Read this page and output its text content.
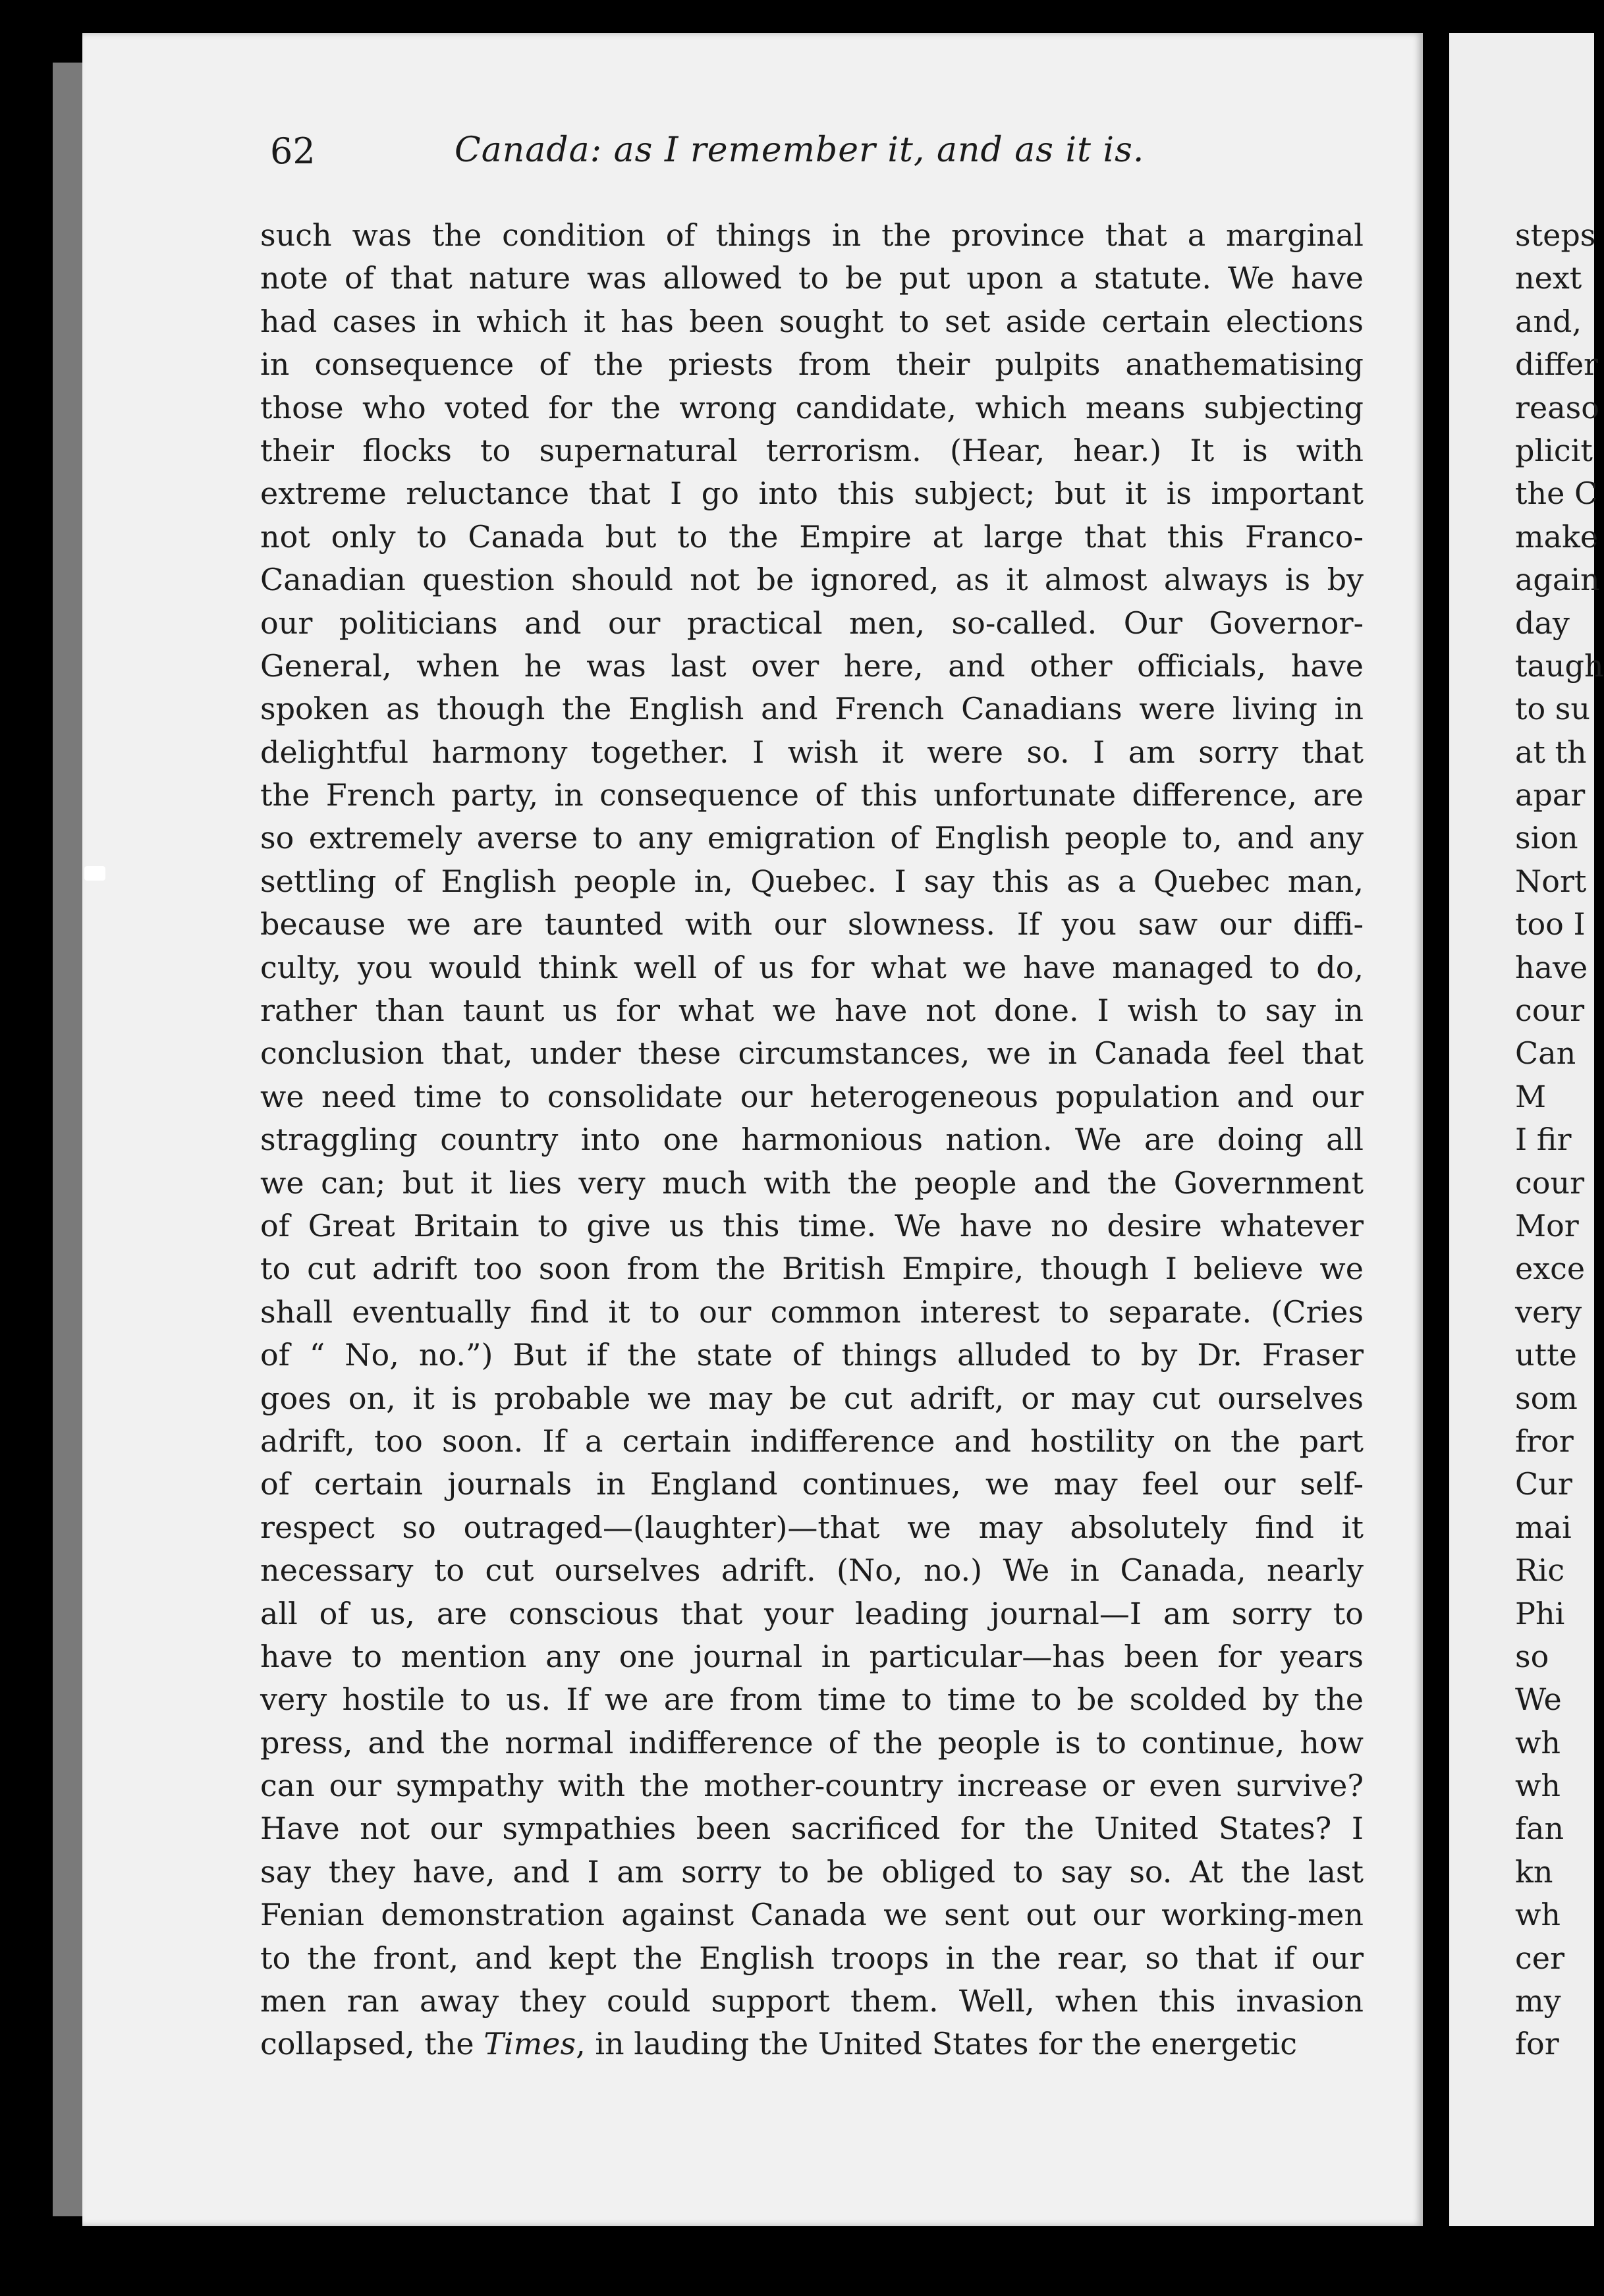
62	Canada: as I remember it, and as it is.
such was the condition of things in the province that a marginal
note of that nature was allowed to be put upon a statute. We have
had cases in which it has been sought to set aside certain elections
in consequence of the priests from their pulpits anathematising
those who voted for the wrong candidate, which means subjecting
their flocks to supernatural terrorism. (Hear, hear.) It is with
extreme reluctance that I go into this subject; but it is important
not only to Canada but to the Empire at large that this Franco-
Canadian question should not be ignored, as it almost always is by
our politicians and our practical men, so-called. Our Governor-
General, when he was last over here, and other officials, have
spoken as though the English and French Canadians were living in
delightful harmony together. I wish it were so. I am sorry that
the French party, in consequence of this unfortunate difference, are
so extremely averse to any emigration of English people to, and any
settling of English people in, Quebec. I say this as a Quebec man,
because we are taunted with our slowness. If you saw our diffi-
culty, you would think well of us for what we have managed to do,
rather than taunt us for what we have not done. I wish to say in
conclusion that, under these circumstances, we in Canada feel that
we need time to consolidate our heterogeneous population and our
straggling country into one harmonious nation. We are doing all
we can; but it lies very much with the people and the Government
of Great Britain to give us this time. We have no desire whatever
to cut adrift too soon from the British Empire, though I believe we
shall eventually find it to our common interest to separate. (Cries
of “ No, no.”) But if the state of things alluded to by Dr. Fraser
goes on, it is probable we may be cut adrift, or may cut ourselves
adrift, too soon. If a certain indifference and hostility on the part
of certain journals in England continues, we may feel our self-
respect so outraged—(laughter)—that we may absolutely find it
necessary to cut ourselves adrift. (No, no.) We in Canada, nearly
all of us, are conscious that your leading journal—I am sorry to
have to mention any one journal in particular—has been for years
very hostile to us. If we are from time to time to be scolded by the
press, and the normal indifference of the people is to continue, how
can our sympathy with the mother-country increase or even survive?
Have not our sympathies been sacrificed for the United States? I
say they have, and I am sorry to be obliged to say so. At the last
Fenian demonstration against Canada we sent out our working-men
to the front, and kept the English troops in the rear, so that if our
men ran away they could support them. Well, when this invasion
collapsed, the Times, in lauding the United States for the energetic
steps
next
and,
differ
reaso
plicit
the C
make
again
day
taugh
to su
at th
apar
sion
Nort
too I
have
cour
Can
M
I fir
cour
Mor
exce
very
utte
som
fror
Cur
mai
Ric
Phi
so
We
wh
wh
fan
kn
wh
cer
my
for
